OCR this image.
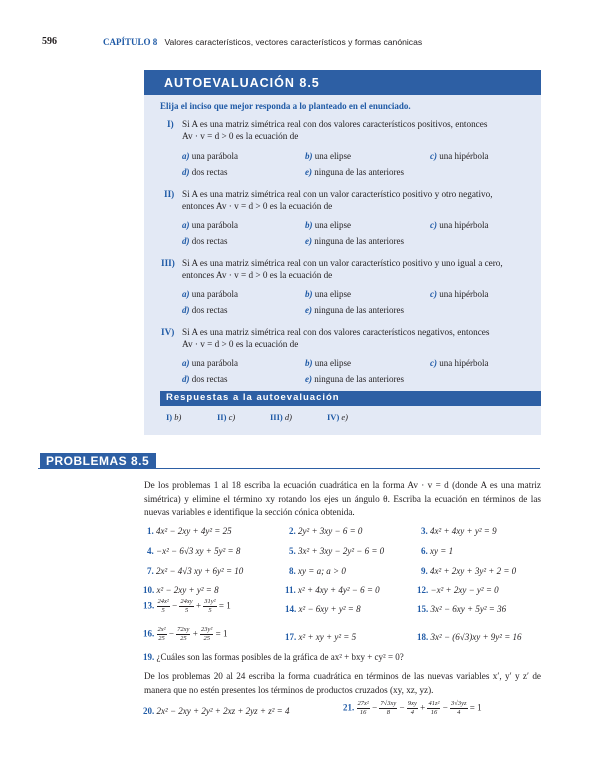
596	CAPÍTULO 8 Valores característicos, vectores característicos y formas canónicas
AUTOEVALUACIÓN 8.5
Elija el inciso que mejor responda a lo planteado en el enunciado.
I) Si A es una matriz simétrica real con dos valores característicos positivos, entonces
Av · v = d > 0 es la ecuación de
a) una parábola	b) una elipse	c) una hipérbola
d) dos rectas	e) ninguna de las anteriores
II) Si A es una matriz simétrica real con un valor característico positivo y otro negativo,
entonces Av · v = d > 0 es la ecuación de
a) una parábola	b) una elipse	c) una hipérbola
d) dos rectas	e) ninguna de las anteriores
III) Si A es una matriz simétrica real con un valor característico positivo y uno igual a cero,
entonces Av · v = d > 0 es la ecuación de
a) una parábola	b) una elipse	c) una hipérbola
d) dos rectas	e) ninguna de las anteriores
IV) Si A es una matriz simétrica real con dos valores característicos negativos, entonces
Av · v = d > 0 es la ecuación de
a) una parábola	b) una elipse	c) una hipérbola
d) dos rectas	e) ninguna de las anteriores
Respuestas a la autoevaluación
I) b)	II) c)	III) d)	IV) e)
PROBLEMAS 8.5
De los problemas 1 al 18 escriba la ecuación cuadrática en la forma Av · v = d (donde A es una matriz simétrica) y elimine el término xy rotando los ejes un ángulo θ. Escriba la ecuación en términos de las nuevas variables e identifique la sección cónica obtenida.
1. 4x² − 2xy + 4y² = 25	2. 2y² + 3xy − 6 = 0	3. 4x² + 4xy + y² = 9
4. −x² − 6√3 xy + 5y² = 8	5. 3x² + 3xy − 2y² − 6 = 0	6. xy = 1
7. 2x² − 4√3 xy + 6y² = 10	8. xy = a; a > 0	9. 4x² + 2xy + 3y² + 2 = 0
10. x² − 2xy + y² = 8	11. x² + 4xy + 4y² − 6 = 0	12. −x² + 2xy − y² = 0
13. $\frac{\text{24x²}}{5} - \frac{24xy}{5} + \frac{\text{31y²}}{5} = 1$	14. x² − 6xy + y² = 8	15. 3x² − 6xy + 5y² = 36
16. $\frac{\text{2x²}}{25} - \frac{72xy}{25} + \frac{\text{23y²}}{25} = 1$	17. x² + xy + y² = 5	18. 3x² − (6√3)xy + 9y² = 16
19. ¿Cuáles son las formas posibles de la gráfica de ax² + bxy + cy² = 0?
De los problemas 20 al 24 escriba la forma cuadrática en términos de las nuevas variables x′, y′ y z′ de manera que no estén presentes los términos de productos cruzados (xy, xz, yz).
20. 2x² − 2xy + 2y² + 2xz + 2yz + z² = 4	21. $\frac{\text{27x²}}{16} - \frac{7√3xy}{8} - \frac{9xy}{4} + \frac{\text{41z²}}{16} - \frac{3√3yz}{4} = 1$
